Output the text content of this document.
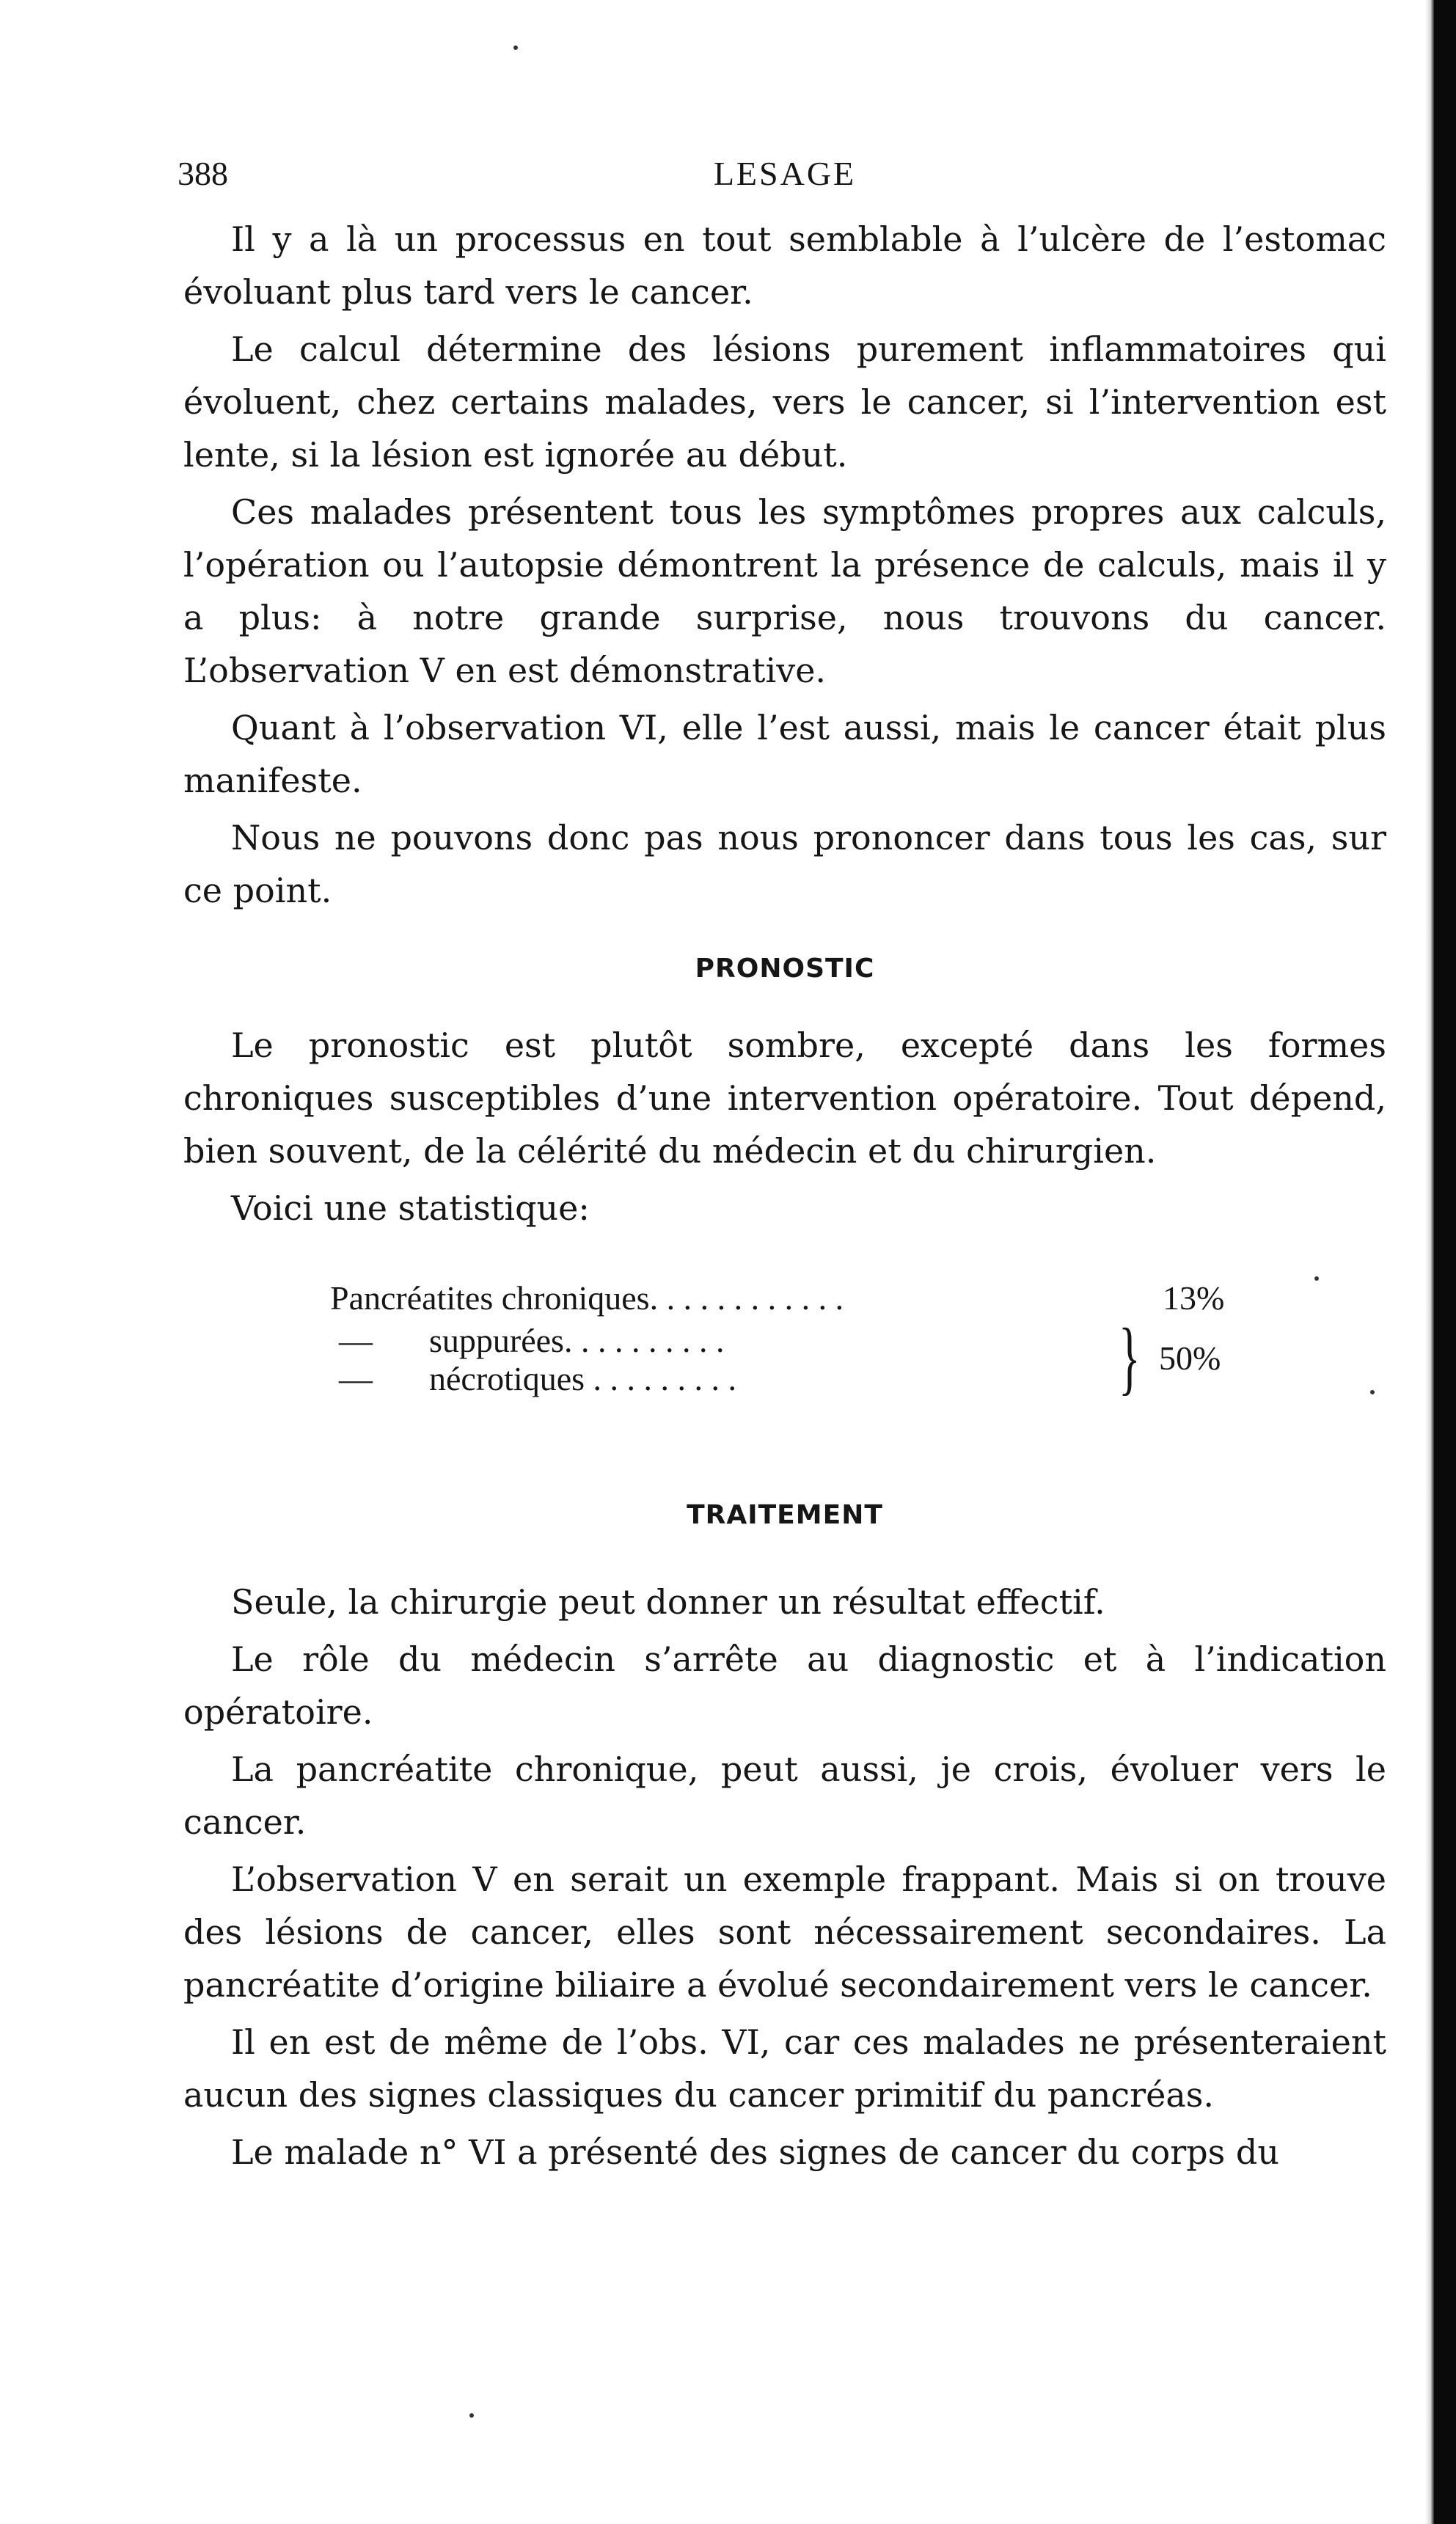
388	LESAGE

Il y a là un processus en tout semblable à l’ulcère de l’estomac évoluant plus tard vers le cancer.

Le calcul détermine des lésions purement inflammatoires qui évoluent, chez certains malades, vers le cancer, si l’intervention est lente, si la lésion est ignorée au début.

Ces malades présentent tous les symptômes propres aux calculs, l’opération ou l’autopsie démontrent la présence de calculs, mais il y a plus: à notre grande surprise, nous trouvons du cancer. L’observation V en est démonstrative.

Quant à l’observation VI, elle l’est aussi, mais le cancer était plus manifeste.

Nous ne pouvons donc pas nous prononcer dans tous les cas, sur ce point.

PRONOSTIC

Le pronostic est plutôt sombre, excepté dans les formes chroniques susceptibles d’une intervention opératoire. Tout dépend, bien souvent, de la célérité du médecin et du chirurgien.

Voici une statistique:

Pancréatites chroniques. . . . . . . . . . . .	13%
— suppurées. . . . . . . . . .
— nécrotiques . . . . . . . . .	} 50%
TRAITEMENT

Seule, la chirurgie peut donner un résultat effectif.

Le rôle du médecin s’arrête au diagnostic et à l’indication opératoire.

La pancréatite chronique, peut aussi, je crois, évoluer vers le cancer.

L’observation V en serait un exemple frappant. Mais si on trouve des lésions de cancer, elles sont nécessairement secondaires. La pancréatite d’origine biliaire a évolué secondairement vers le cancer.

Il en est de même de l’obs. VI, car ces malades ne présenteraient aucun des signes classiques du cancer primitif du pancréas.

Le malade n° VI a présenté des signes de cancer du corps du
